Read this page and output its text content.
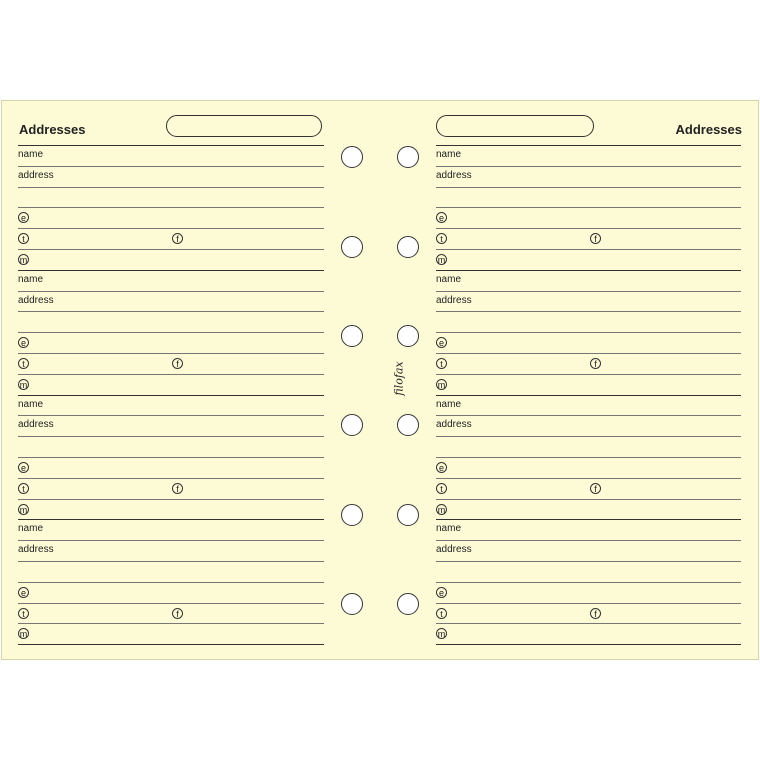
Addresses	Addresses
name
address
e
t	f
m
name
address
e
t	f
m
name
address
e
t	f
m
name
address
e
t	f
m
name
address
e
t	f
m
name
address
e
t	f
m
name
address
e
t	f
m
name
address
e
t	f
m
filofax
